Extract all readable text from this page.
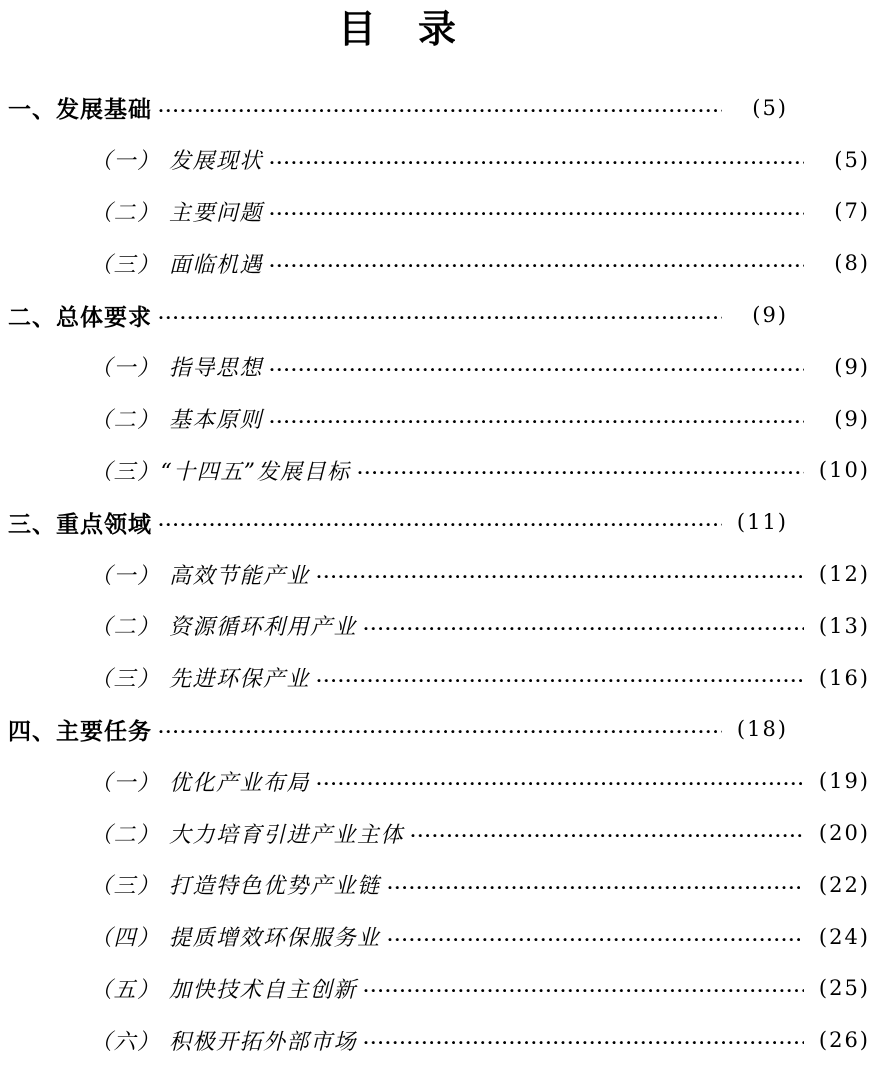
目　录
一、发展基础	(5)
（一） 发展现状	(5)
（二） 主要问题	(7)
（三） 面临机遇	(8)
二、总体要求	(9)
（一） 指导思想	(9)
（二） 基本原则	(9)
（三）“十四五”发展目标	(10)
三、重点领域	(11)
（一） 高效节能产业	(12)
（二） 资源循环利用产业	(13)
（三） 先进环保产业	(16)
四、主要任务	(18)
（一） 优化产业布局	(19)
（二） 大力培育引进产业主体	(20)
（三） 打造特色优势产业链	(22)
（四） 提质增效环保服务业	(24)
（五） 加快技术自主创新	(25)
（六） 积极开拓外部市场	(26)
